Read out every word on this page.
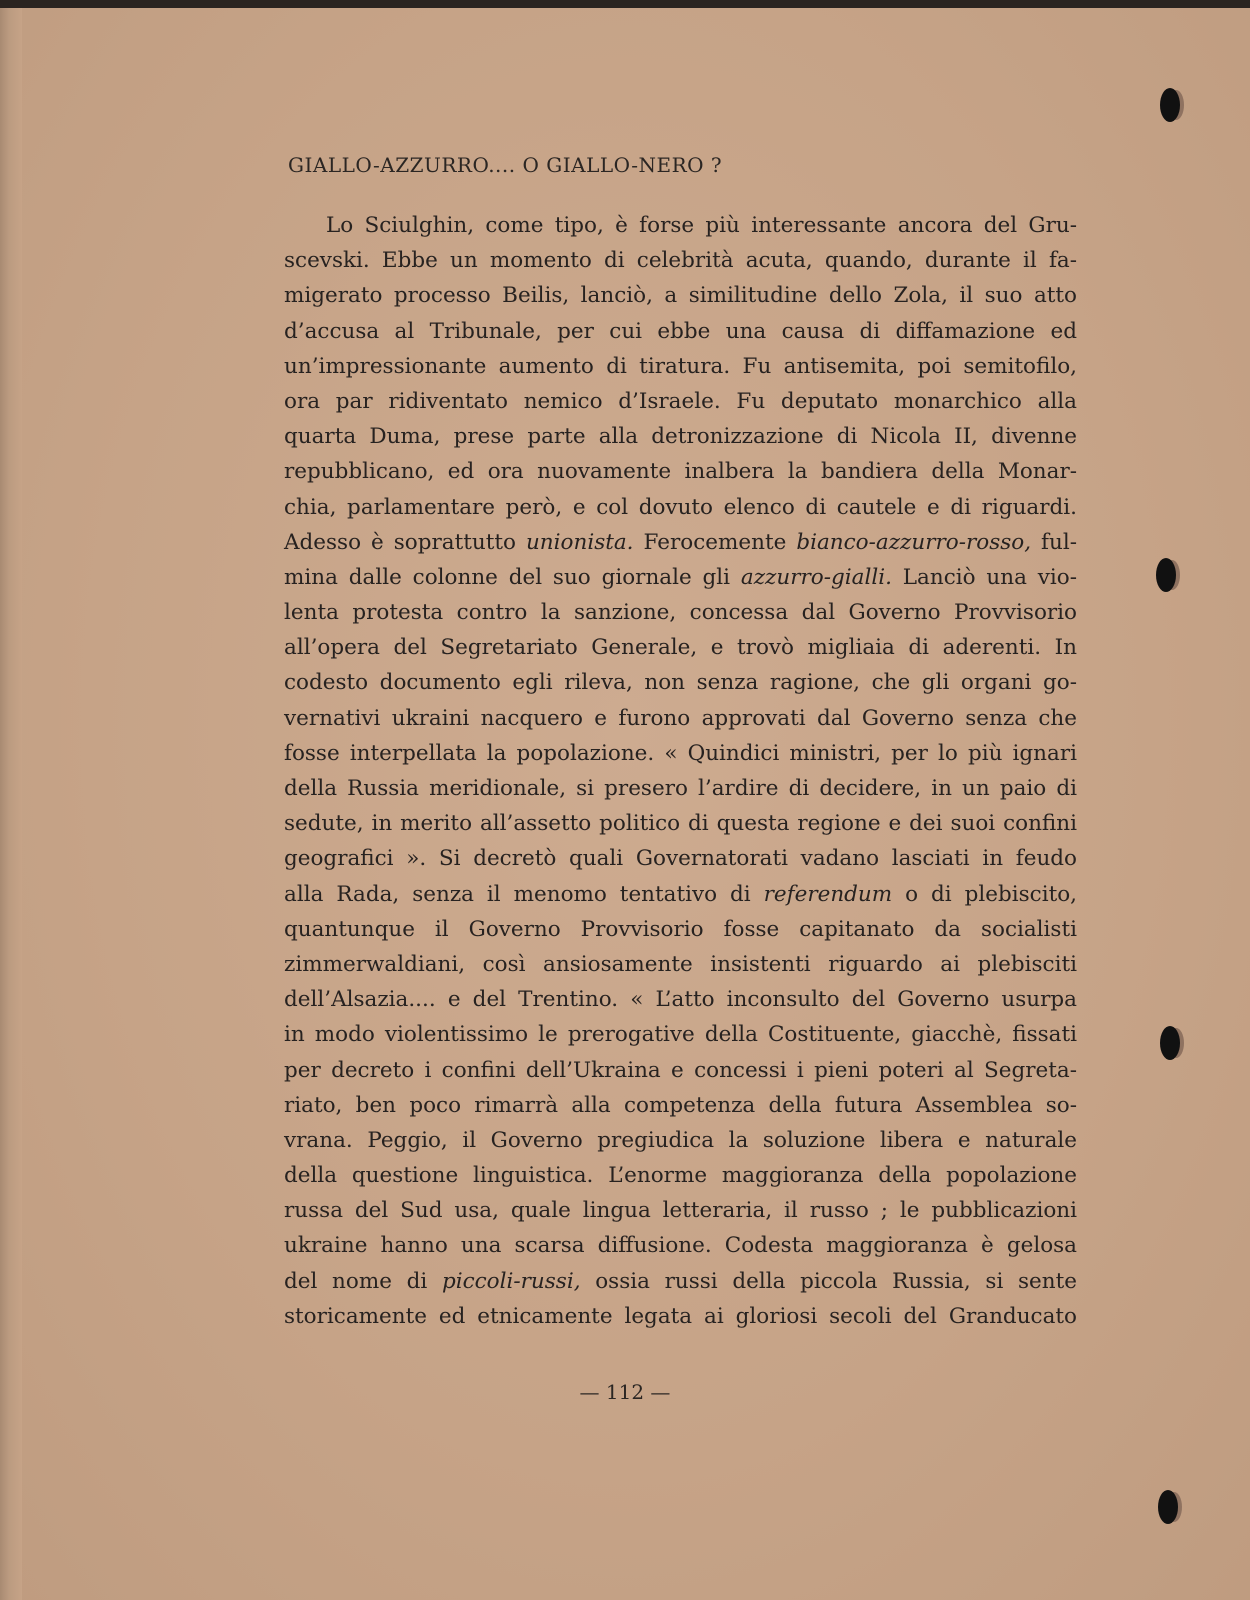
GIALLO-AZZURRO.... O GIALLO-NERO ?
Lo Sciulghin, come tipo, è forse più interessante ancora del Gru-
scevski. Ebbe un momento di celebrità acuta, quando, durante il fa-
migerato processo Beilis, lanciò, a similitudine dello Zola, il suo atto
d’accusa al Tribunale, per cui ebbe una causa di diffamazione ed
un’impressionante aumento di tiratura. Fu antisemita, poi semitofilo,
ora par ridiventato nemico d’Israele. Fu deputato monarchico alla
quarta Duma, prese parte alla detronizzazione di Nicola II, divenne
repubblicano, ed ora nuovamente inalbera la bandiera della Monar-
chia, parlamentare però, e col dovuto elenco di cautele e di riguardi.
Adesso è soprattutto unionista. Ferocemente bianco-azzurro-rosso, ful-
mina dalle colonne del suo giornale gli azzurro-gialli. Lanciò una vio-
lenta protesta contro la sanzione, concessa dal Governo Provvisorio
all’opera del Segretariato Generale, e trovò migliaia di aderenti. In
codesto documento egli rileva, non senza ragione, che gli organi go-
vernativi ukraini nacquero e furono approvati dal Governo senza che
fosse interpellata la popolazione. « Quindici ministri, per lo più ignari
della Russia meridionale, si presero l’ardire di decidere, in un paio di
sedute, in merito all’assetto politico di questa regione e dei suoi confini
geografici ». Si decretò quali Governatorati vadano lasciati in feudo
alla Rada, senza il menomo tentativo di referendum o di plebiscito,
quantunque il Governo Provvisorio fosse capitanato da socialisti
zimmerwaldiani, così ansiosamente insistenti riguardo ai plebisciti
dell’Alsazia.... e del Trentino. « L’atto inconsulto del Governo usurpa
in modo violentissimo le prerogative della Costituente, giacchè, fissati
per decreto i confini dell’Ukraina e concessi i pieni poteri al Segreta-
riato, ben poco rimarrà alla competenza della futura Assemblea so-
vrana. Peggio, il Governo pregiudica la soluzione libera e naturale
della questione linguistica. L’enorme maggioranza della popolazione
russa del Sud usa, quale lingua letteraria, il russo ; le pubblicazioni
ukraine hanno una scarsa diffusione. Codesta maggioranza è gelosa
del nome di piccoli-russi, ossia russi della piccola Russia, si sente
storicamente ed etnicamente legata ai gloriosi secoli del Granducato
— 112 —
